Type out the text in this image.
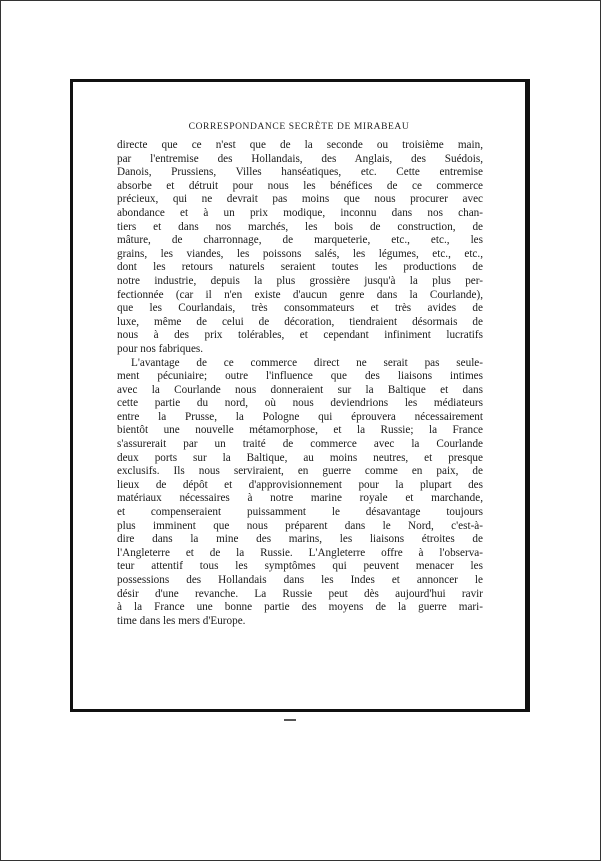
CORRESPONDANCE SECRÈTE DE MIRABEAU
directe que ce n'est que de la seconde ou troisième main,
par l'entremise des Hollandais, des Anglais, des Suédois,
Danois, Prussiens, Villes hanséatiques, etc. Cette entremise
absorbe et détruit pour nous les bénéfices de ce commerce
précieux, qui ne devrait pas moins que nous procurer avec
abondance et à un prix modique, inconnu dans nos chan-
tiers et dans nos marchés, les bois de construction, de
mâture, de charronnage, de marqueterie, etc., etc., les
grains, les viandes, les poissons salés, les légumes, etc., etc.,
dont les retours naturels seraient toutes les productions de
notre industrie, depuis la plus grossière jusqu'à la plus per-
fectionnée (car il n'en existe d'aucun genre dans la Courlande),
que les Courlandais, très consommateurs et très avides de
luxe, même de celui de décoration, tiendraient désormais de
nous à des prix tolérables, et cependant infiniment lucratifs
pour nos fabriques.
L'avantage de ce commerce direct ne serait pas seule-
ment pécuniaire; outre l'influence que des liaisons intimes
avec la Courlande nous donneraient sur la Baltique et dans
cette partie du nord, où nous deviendrions les médiateurs
entre la Prusse, la Pologne qui éprouvera nécessairement
bientôt une nouvelle métamorphose, et la Russie; la France
s'assurerait par un traité de commerce avec la Courlande
deux ports sur la Baltique, au moins neutres, et presque
exclusifs. Ils nous serviraient, en guerre comme en paix, de
lieux de dépôt et d'approvisionnement pour la plupart des
matériaux nécessaires à notre marine royale et marchande,
et compenseraient puissamment le désavantage toujours
plus imminent que nous préparent dans le Nord, c'est-à-
dire dans la mine des marins, les liaisons étroites de
l'Angleterre et de la Russie. L'Angleterre offre à l'observa-
teur attentif tous les symptômes qui peuvent menacer les
possessions des Hollandais dans les Indes et annoncer le
désir d'une revanche. La Russie peut dès aujourd'hui ravir
à la France une bonne partie des moyens de la guerre mari-
time dans les mers d'Europe.
